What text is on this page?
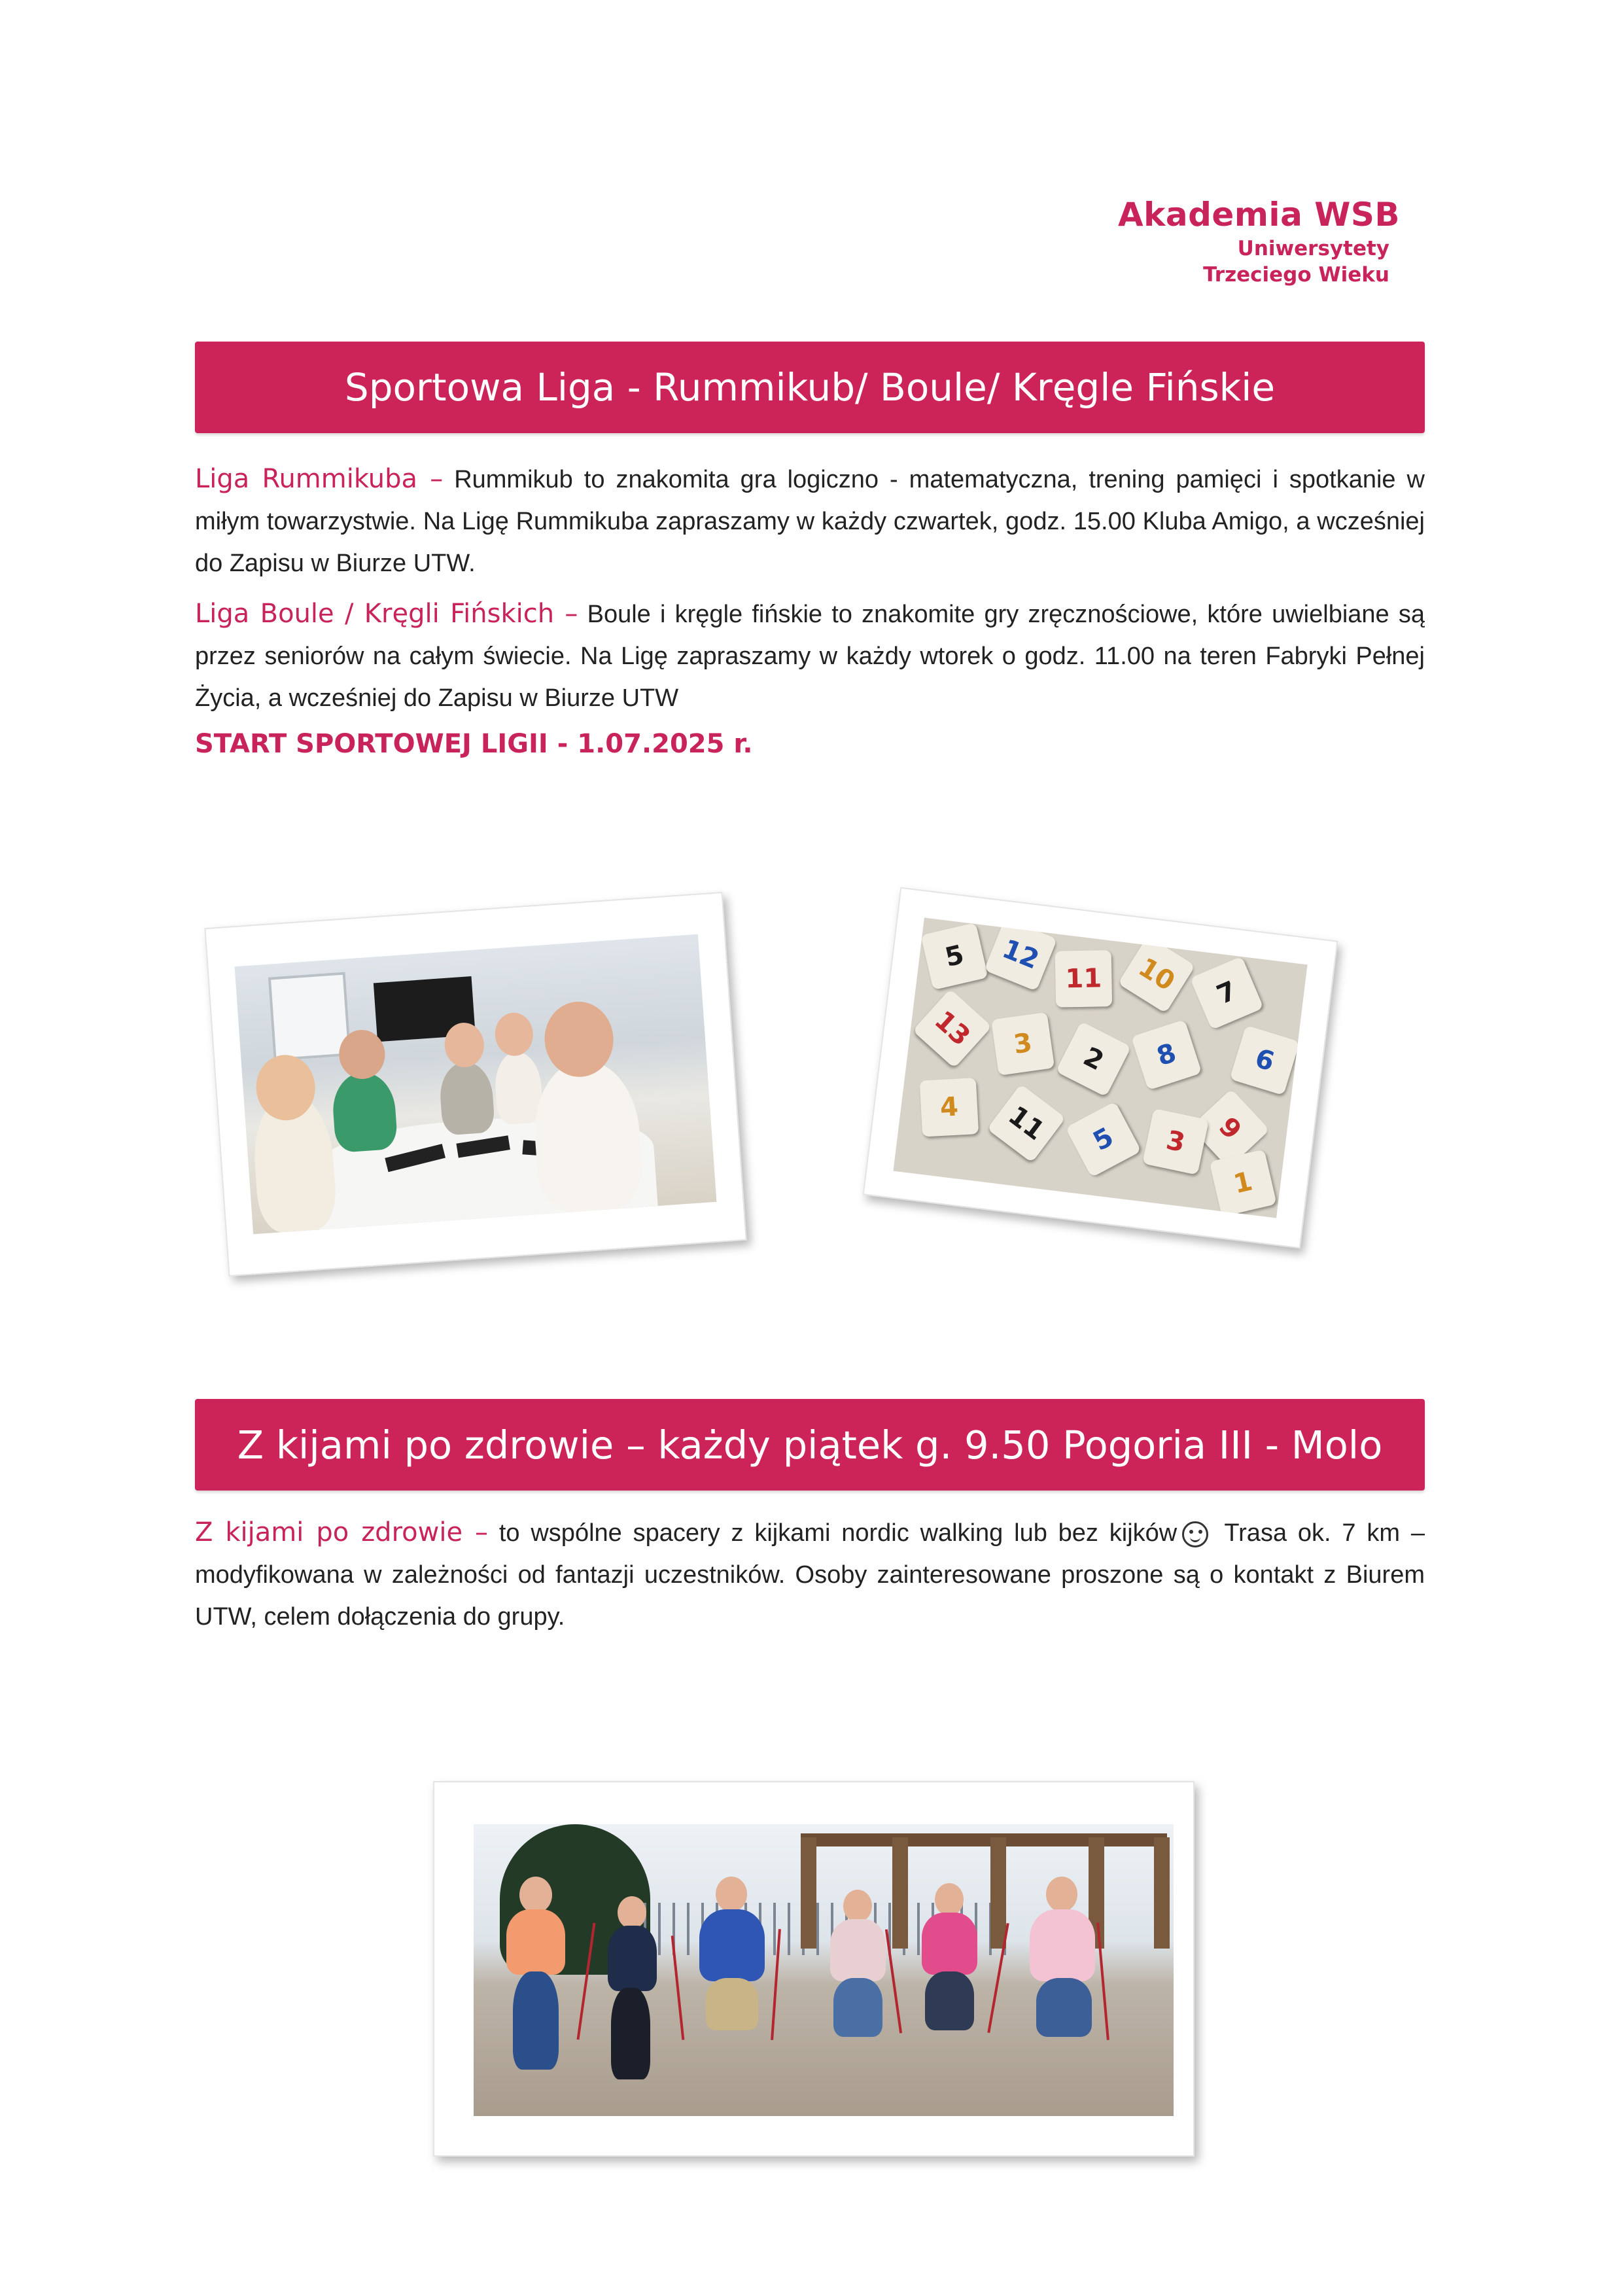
Akademia WSB
Uniwersytety
Trzeciego Wieku
Sportowa Liga - Rummikub/ Boule/ Kręgle Fińskie
Liga Rummikuba – Rummikub to znakomita gra logiczno - matematyczna, trening pamięci i spotkanie w miłym towarzystwie. Na Ligę Rummikuba zapraszamy w każdy czwartek, godz. 15.00 Kluba Amigo, a wcześniej do Zapisu w Biurze UTW.
Liga Boule / Kręgli Fińskich – Boule i kręgle fińskie to znakomite gry zręcznościowe, które uwielbiane są przez seniorów na całym świecie. Na Ligę zapraszamy w każdy wtorek o godz. 11.00 na teren Fabryki Pełnej Życia, a wcześniej do Zapisu w Biurze UTW
START SPORTOWEJ LIGII - 1.07.2025 r.
5	12
11	10	7
6
13	3	2	8
9
4	11	5	3
1
Z kijami po zdrowie – każdy piątek g. 9.50 Pogoria III - Molo
Z kijami po zdrowie – to wspólne spacery z kijkami nordic walking lub bez kijków Trasa ok. 7 km – modyfikowana w zależności od fantazji uczestników. Osoby zainteresowane proszone są o kontakt z Biurem UTW, celem dołączenia do grupy.
